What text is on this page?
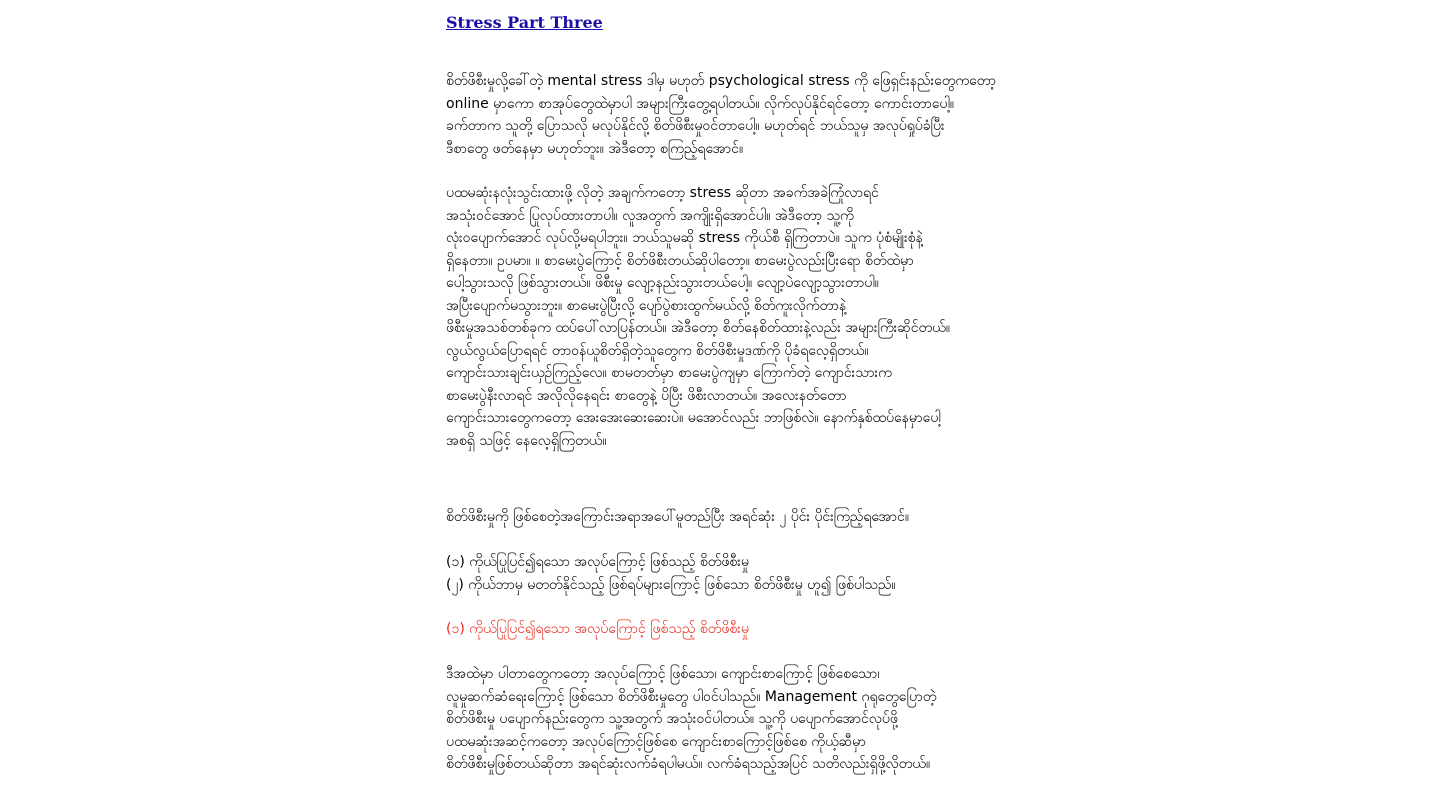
Stress Part Three
စိတ်ဖိစီးမှုလို့ခေါ်တဲ့ mental stress ဒါမှ မဟုတ် psychological stress ကို ဖြေရှင်းနည်းတွေကတော့
online မှာကော စာအုပ်တွေထဲမှာပါ အများကြီးတွေ့ရပါတယ်။ လိုက်လုပ်နိုင်ရင်တော့ ကောင်းတာပေါ့။
ခက်တာက သူတို့ ပြောသလို မလုပ်နိုင်လို့ စိတ်ဖိစီးမှုဝင်တာပေါ့။ မဟုတ်ရင် ဘယ်သူမှ အလုပ်ရှုပ်ခံပြီး
ဒီစာတွေ ဖတ်နေမှာ မဟုတ်ဘူး။ အဲဒီတော့ စကြည့်ရအောင်။
ပထမဆုံးနလုံးသွင်းထားဖို့ လိုတဲ့ အချက်ကတော့ stress ဆိုတာ အခက်အခဲကြုံလာရင်
အသုံးဝင်အောင် ပြုလုပ်ထားတာပါ။ လူအတွက် အကျိုးရှိအောင်ပါ။ အဲဒီတော့ သူ့ကို
လုံးဝပျောက်အောင် လုပ်လို့မရပါဘူး။ ဘယ်သူမဆို stress ကိုယ်စီ ရှိကြတာပဲ။ သူက ပုံစံမျိုးစုံနဲ့
ရှိနေတာ။ ဥပမာ။ ။ စာမေးပွဲကြောင့် စိတ်ဖိစီးတယ်ဆိုပါတော့။ စာမေးပွဲလည်းပြီးရော စိတ်ထဲမှာ
ပေါ့သွားသလို ဖြစ်သွားတယ်။ ဖိစီးမှု လျော့နည်းသွားတယ်ပေါ့။ လျော့ပဲလျော့သွားတာပါ။
အပြီးပျောက်မသွားဘူး။ စာမေးပွဲပြီးလို့ ပျော်ပွဲစားထွက်မယ်လို့ စိတ်ကူးလိုက်တာနဲ့
ဖိစီးမှုအသစ်တစ်ခုက ထပ်ပေါ်လာပြန်တယ်။ အဲဒီတော့ စိတ်နေစိတ်ထားနဲ့လည်း အများကြီးဆိုင်တယ်။
လွယ်လွယ်ပြောရရင် တာဝန်ယူစိတ်ရှိတဲ့သူတွေက စိတ်ဖိစီးမှုဒဏ်ကို ပိုခံရလေ့ရှိတယ်။
ကျောင်းသားချင်းယှဉ်ကြည့်လေ။ စာမတတ်မှာ စာမေးပွဲကျမှာ ကြောက်တဲ့ ကျောင်းသားက
စာမေးပွဲနီးလာရင် အလိုလိုနေရင်း စာတွေနဲ့ ပိပြီး ဖိစီးလာတယ်။ အလေးနတ်တော
ကျောင်းသားတွေကတော့ အေးအေးဆေးဆေးပဲ။ မအောင်လည်း ဘာဖြစ်လဲ။ နောက်နှစ်ထပ်နေမှာပေါ့
အစရှိ သဖြင့် နေလေ့ရှိကြတယ်။
စိတ်ဖိစီးမှုကို ဖြစ်စေတဲ့အကြောင်းအရာအပေါ်မူတည်ပြီး အရင်ဆုံး ၂ ပိုင်း ပိုင်းကြည့်ရအောင်။
(၁) ကိုယ်ပြုပြင်၍ရသော အလုပ်ကြောင့် ဖြစ်သည့် စိတ်ဖိစီးမှု
(၂) ကိုယ်ဘာမှ မတတ်နိုင်သည့် ဖြစ်ရပ်များကြောင့် ဖြစ်သော စိတ်ဖိစီးမှု ဟူ၍ ဖြစ်ပါသည်။
(၁) ကိုယ်ပြုပြင်၍ရသော အလုပ်ကြောင့် ဖြစ်သည့် စိတ်ဖိစီးမှု
ဒီအထဲမှာ ပါတာတွေကတော့ အလုပ်ကြောင့် ဖြစ်သော၊ ကျောင်းစာကြောင့် ဖြစ်စေသော၊
လူမှုဆက်ဆံရေးကြောင့် ဖြစ်သော စိတ်ဖိစီးမှုတွေ ပါဝင်ပါသည်။ Management ဂုရုတွေပြောတဲ့
စိတ်ဖိစီးမှု ပပျောက်နည်းတွေက သူ့အတွက် အသုံးဝင်ပါတယ်။ သူ့ကို ပပျောက်အောင်လုပ်ဖို့
ပထမဆုံးအဆင့်ကတော့ အလုပ်ကြောင့်ဖြစ်စေ ကျောင်းစာကြောင့်ဖြစ်စေ ကိုယ့်ဆီမှာ
စိတ်ဖိစီးမှုဖြစ်တယ်ဆိုတာ အရင်ဆုံးလက်ခံရပါမယ်။ လက်ခံရသည့်အပြင် သတိလည်းရှိဖို့လိုတယ်။
